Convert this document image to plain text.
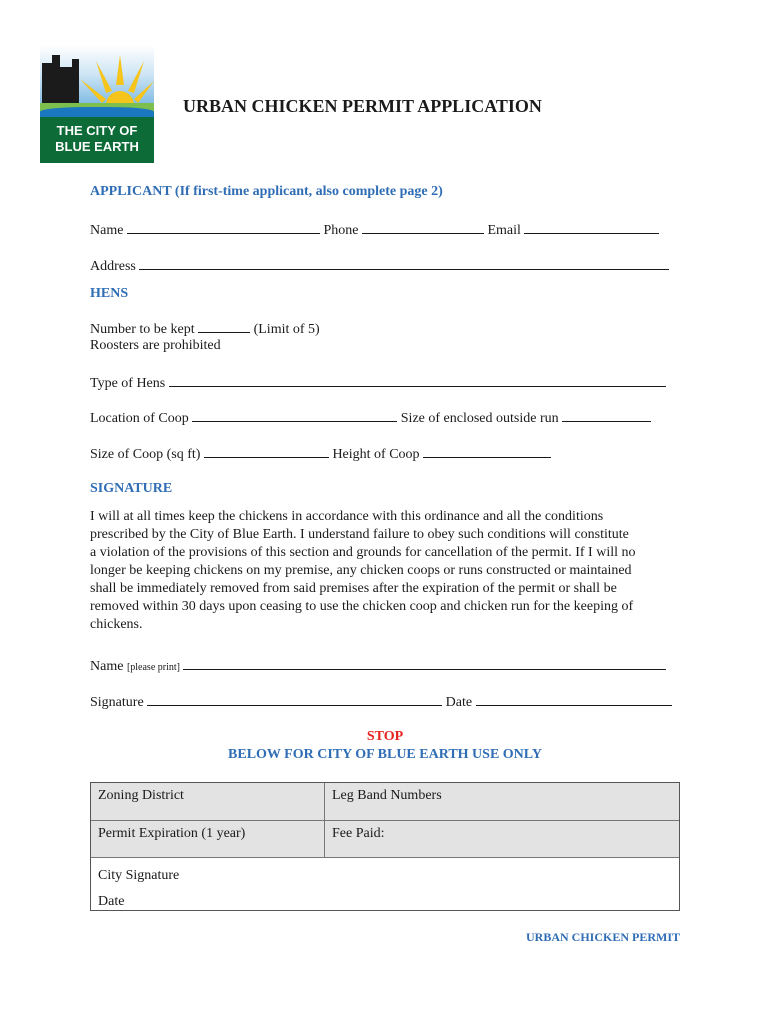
THE CITY OF
BLUE EARTH
URBAN CHICKEN PERMIT APPLICATION
APPLICANT (If first-time applicant, also complete page 2)
Name	Phone	Email
Address
HENS
Number to be kept	(Limit of 5)
Roosters are prohibited
Type of Hens
Location of Coop	Size of enclosed outside run
Size of Coop (sq ft)	Height of Coop
SIGNATURE
I will at all times keep the chickens in accordance with this ordinance and all the conditions
prescribed by the City of Blue Earth. I understand failure to obey such conditions will constitute
a violation of the provisions of this section and grounds for cancellation of the permit. If I will no
longer be keeping chickens on my premise, any chicken coops or runs constructed or maintained
shall be immediately removed from said premises after the expiration of the permit or shall be
removed within 30 days upon ceasing to use the chicken coop and chicken run for the keeping of
chickens.
Name [please print]
Signature	Date
STOP
BELOW FOR CITY OF BLUE EARTH USE ONLY
Zoning District	Leg Band Numbers
Permit Expiration (1 year)	Fee Paid:
City Signature
Date
URBAN CHICKEN PERMIT
